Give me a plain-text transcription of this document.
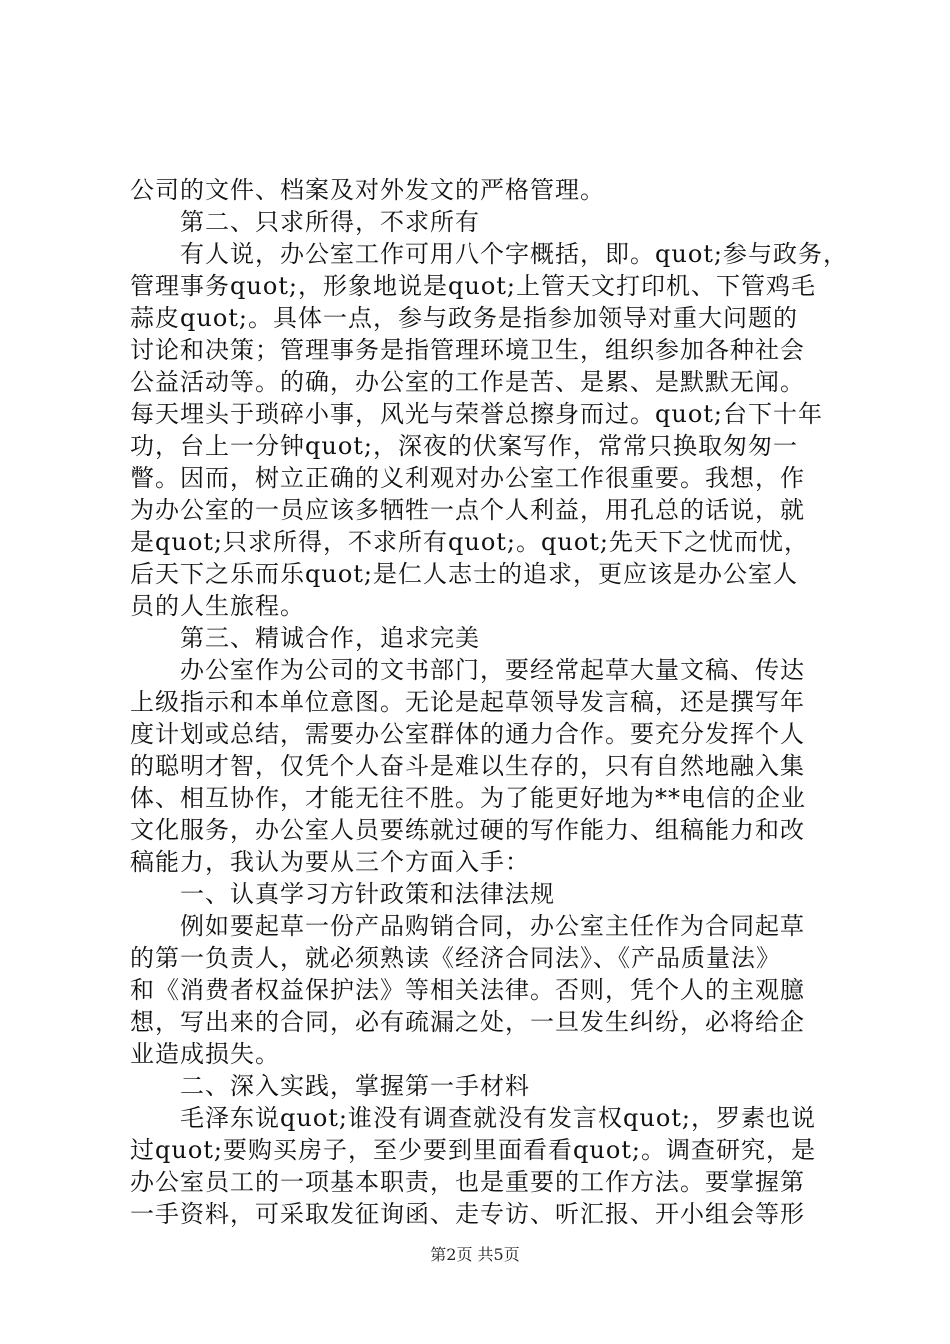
公司的文件、档案及对外发文的严格管理。
第二、只求所得，不求所有
有人说，办公室工作可用八个字概括，即。quot;参与政务，
管理事务quot;，形象地说是quot;上管天文打印机、下管鸡毛
蒜皮quot;。具体一点，参与政务是指参加领导对重大问题的
讨论和决策；管理事务是指管理环境卫生，组织参加各种社会
公益活动等。的确，办公室的工作是苦、是累、是默默无闻。
每天埋头于琐碎小事，风光与荣誉总擦身而过。quot;台下十年
功，台上一分钟quot;，深夜的伏案写作，常常只换取匆匆一
瞥。因而，树立正确的义利观对办公室工作很重要。我想，作
为办公室的一员应该多牺牲一点个人利益，用孔总的话说，就
是quot;只求所得，不求所有quot;。quot;先天下之忧而忧，
后天下之乐而乐quot;是仁人志士的追求，更应该是办公室人
员的人生旅程。
第三、精诚合作，追求完美
办公室作为公司的文书部门，要经常起草大量文稿、传达
上级指示和本单位意图。无论是起草领导发言稿，还是撰写年
度计划或总结，需要办公室群体的通力合作。要充分发挥个人
的聪明才智，仅凭个人奋斗是难以生存的，只有自然地融入集
体、相互协作，才能无往不胜。为了能更好地为**电信的企业
文化服务，办公室人员要练就过硬的写作能力、组稿能力和改
稿能力，我认为要从三个方面入手：
一、认真学习方针政策和法律法规
例如要起草一份产品购销合同，办公室主任作为合同起草
的第一负责人，就必须熟读《经济合同法》、《产品质量法》
和《消费者权益保护法》等相关法律。否则，凭个人的主观臆
想，写出来的合同，必有疏漏之处，一旦发生纠纷，必将给企
业造成损失。
二、深入实践，掌握第一手材料
毛泽东说quot;谁没有调查就没有发言权quot;，罗素也说
过quot;要购买房子，至少要到里面看看quot;。调查研究，是
办公室员工的一项基本职责，也是重要的工作方法。要掌握第
一手资料，可采取发征询函、走专访、听汇报、开小组会等形
第2页 共5页
